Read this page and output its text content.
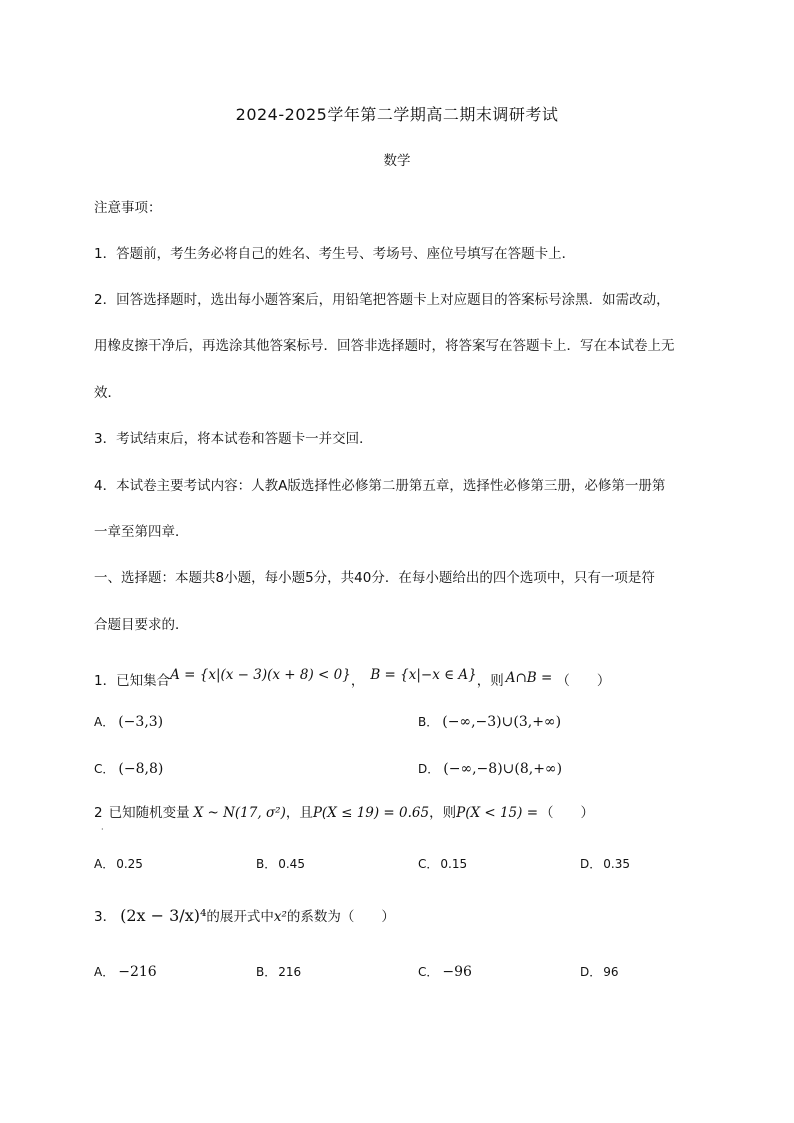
2024-2025学年第二学期高二期末调研考试
数学
注意事项：
1．答题前，考生务必将自己的姓名、考生号、考场号、座位号填写在答题卡上．
2．回答选择题时，选出每小题答案后，用铅笔把答题卡上对应题目的答案标号涂黑．如需改动，
用橡皮擦干净后，再选涂其他答案标号．回答非选择题时，将答案写在答题卡上．写在本试卷上无
效．
3．考试结束后，将本试卷和答题卡一并交回．
4．本试卷主要考试内容：人教A版选择性必修第二册第五章，选择性必修第三册，必修第一册第
一章至第四章．
一、选择题：本题共8小题，每小题5分，共40分．在每小题给出的四个选项中，只有一项是符
合题目要求的．
1．已知集合A = {x|(x − 3)(x + 8) < 0}， B = {x|−x ∈ A}，则 A∩B = （　　）
A． (−3,3)	B． (−∞,−3)∪(3,+∞)
C． (−8,8)	D． (−∞,−8)∪(8,+∞)
2 已知随机变量 X ~ N(17, σ²)，且P(X ≤ 19) = 0.65，则P(X < 15) = （　　）
·
A． 0.25	B． 0.45	C． 0.15	D． 0.35
3． (2x − 3/x)⁴的展开式中x²的系数为（　　）
A． −216	B． 216	C． −96	D． 96
